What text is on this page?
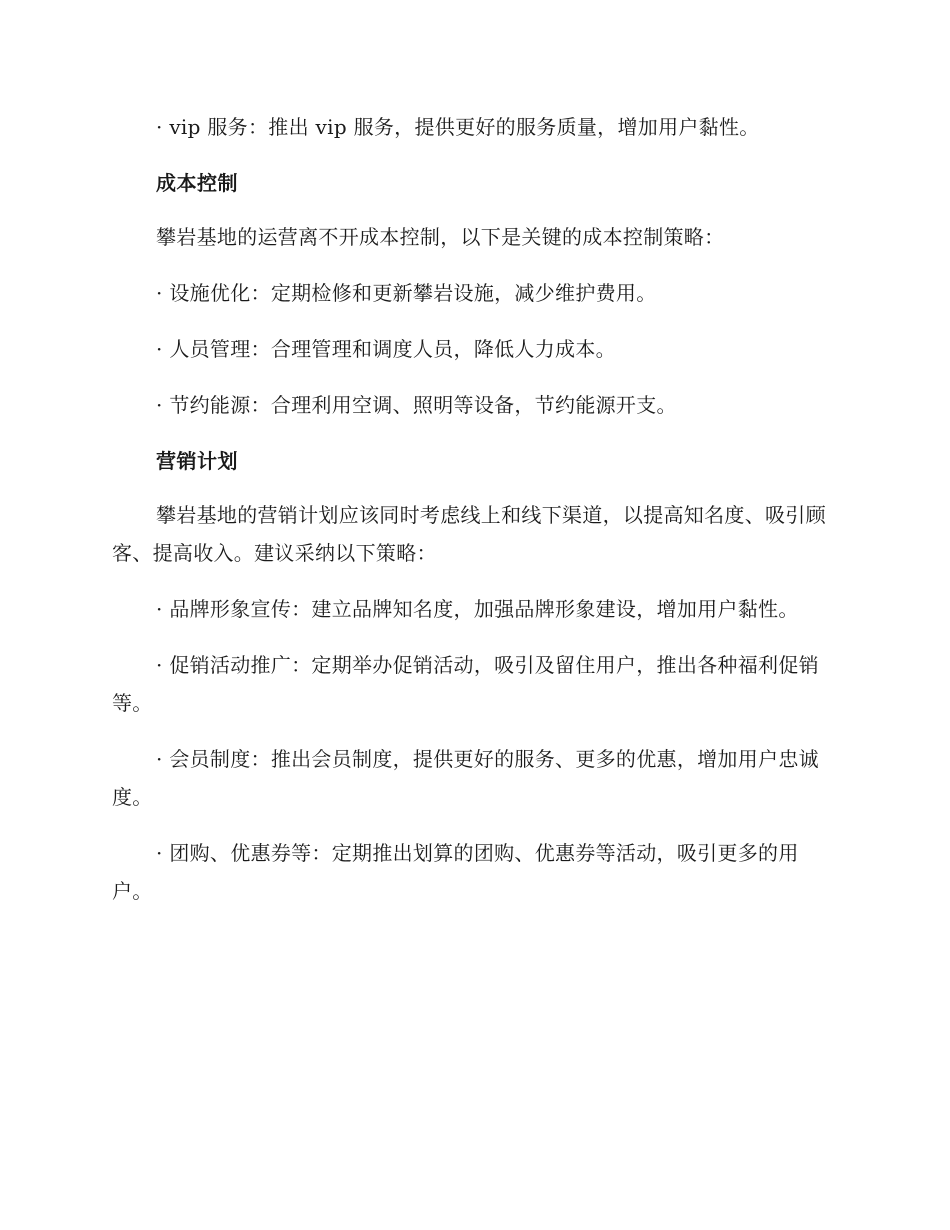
· vip 服务：推出 vip 服务，提供更好的服务质量，增加用户黏性。

成本控制

攀岩基地的运营离不开成本控制，以下是关键的成本控制策略：

· 设施优化：定期检修和更新攀岩设施，减少维护费用。

· 人员管理：合理管理和调度人员，降低人力成本。

· 节约能源：合理利用空调、照明等设备，节约能源开支。

营销计划

攀岩基地的营销计划应该同时考虑线上和线下渠道，以提高知名度、吸引顾客、提高收入。建议采纳以下策略：

· 品牌形象宣传：建立品牌知名度，加强品牌形象建设，增加用户黏性。

· 促销活动推广：定期举办促销活动，吸引及留住用户，推出各种福利促销等。

· 会员制度：推出会员制度，提供更好的服务、更多的优惠，增加用户忠诚度。

· 团购、优惠券等：定期推出划算的团购、优惠券等活动，吸引更多的用户。
